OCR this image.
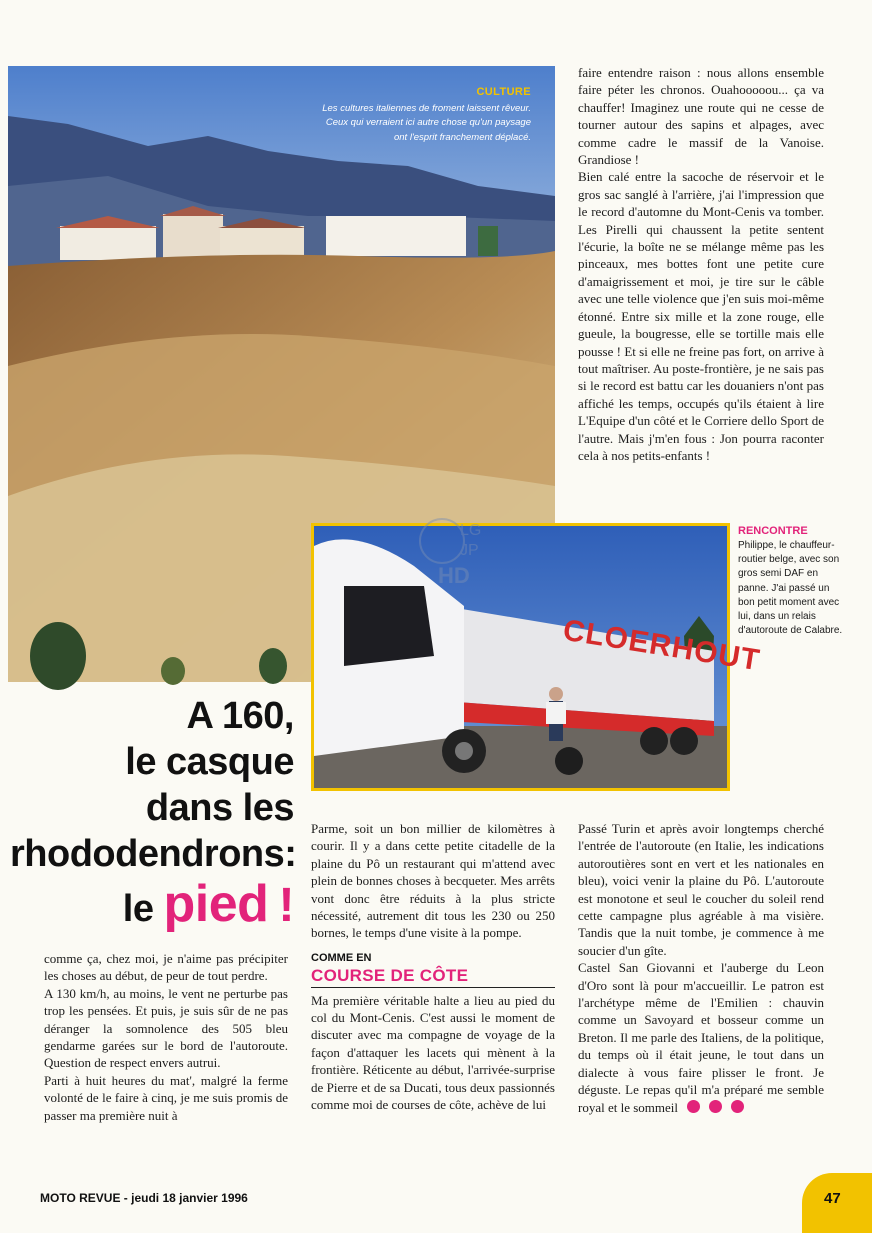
CULTURE
Les cultures italiennes de froment laissent rêveur. Ceux qui verraient ici autre chose qu'un paysage ont l'esprit franchement déplacé.

faire entendre raison : nous allons ensemble faire péter les chronos. Ouahooooou... ça va chauffer! Imaginez une route qui ne cesse de tourner autour des sapins et alpages, avec comme cadre le massif de la Vanoise. Grandiose !

Bien calé entre la sacoche de réservoir et le gros sac sanglé à l'arrière, j'ai l'impression que le record d'automne du Mont-Cenis va tomber. Les Pirelli qui chaussent la petite sentent l'écurie, la boîte ne se mélange même pas les pinceaux, mes bottes font une petite cure d'amaigrissement et moi, je tire sur le câble avec une telle violence que j'en suis moi-même étonné. Entre six mille et la zone rouge, elle gueule, la bougresse, elle se tortille mais elle pousse ! Et si elle ne freine pas fort, on arrive à tout maîtriser. Au poste-frontière, je ne sais pas si le record est battu car les douaniers n'ont pas affiché les temps, occupés qu'ils étaient à lire L'Equipe d'un côté et le Corriere dello Sport de l'autre. Mais j'm'en fous : Jon pourra raconter cela à nos petits-enfants !

CLOERHOUT
LG
JP
HD
RENCONTRE
Philippe, le chauffeur-routier belge, avec son gros semi DAF en panne. J'ai passé un bon petit moment avec lui, dans un relais d'autoroute de Calabre.
A 160,
le casque
dans les
rhododendrons:
le pied !

comme ça, chez moi, je n'aime pas précipiter les choses au début, de peur de tout perdre.

A 130 km/h, au moins, le vent ne perturbe pas trop les pensées. Et puis, je suis sûr de ne pas déranger la somnolence des 505 bleu gendarme garées sur le bord de l'autoroute. Question de respect envers autrui.

Parti à huit heures du mat', malgré la ferme volonté de le faire à cinq, je me suis promis de passer ma première nuit à

Parme, soit un bon millier de kilomètres à courir. Il y a dans cette petite citadelle de la plaine du Pô un restaurant qui m'attend avec plein de bonnes choses à becqueter. Mes arrêts vont donc être réduits à la plus stricte nécessité, autrement dit tous les 230 ou 250 bornes, le temps d'une visite à la pompe.

COMME EN
COURSE DE CÔTE

Ma première véritable halte a lieu au pied du col du Mont-Cenis. C'est aussi le moment de discuter avec ma compagne de voyage de la façon d'attaquer les lacets qui mènent à la frontière. Réticente au début, l'arrivée-surprise de Pierre et de sa Ducati, tous deux passionnés comme moi de courses de côte, achève de lui

Passé Turin et après avoir longtemps cherché l'entrée de l'autoroute (en Italie, les indications autoroutières sont en vert et les nationales en bleu), voici venir la plaine du Pô. L'autoroute est monotone et seul le coucher du soleil rend cette campagne plus agréable à ma visière. Tandis que la nuit tombe, je commence à me soucier d'un gîte.

Castel San Giovanni et l'auberge du Leon d'Oro sont là pour m'accueillir. Le patron est l'archétype même de l'Emilien : chauvin comme un Savoyard et bosseur comme un Breton. Il me parle des Italiens, de la politique, du temps où il était jeune, le tout dans un dialecte à vous faire plisser le front. Je déguste. Le repas qu'il m'a préparé me semble royal et le sommeil

MOTO REVUE - jeudi 18 janvier 1996	47
